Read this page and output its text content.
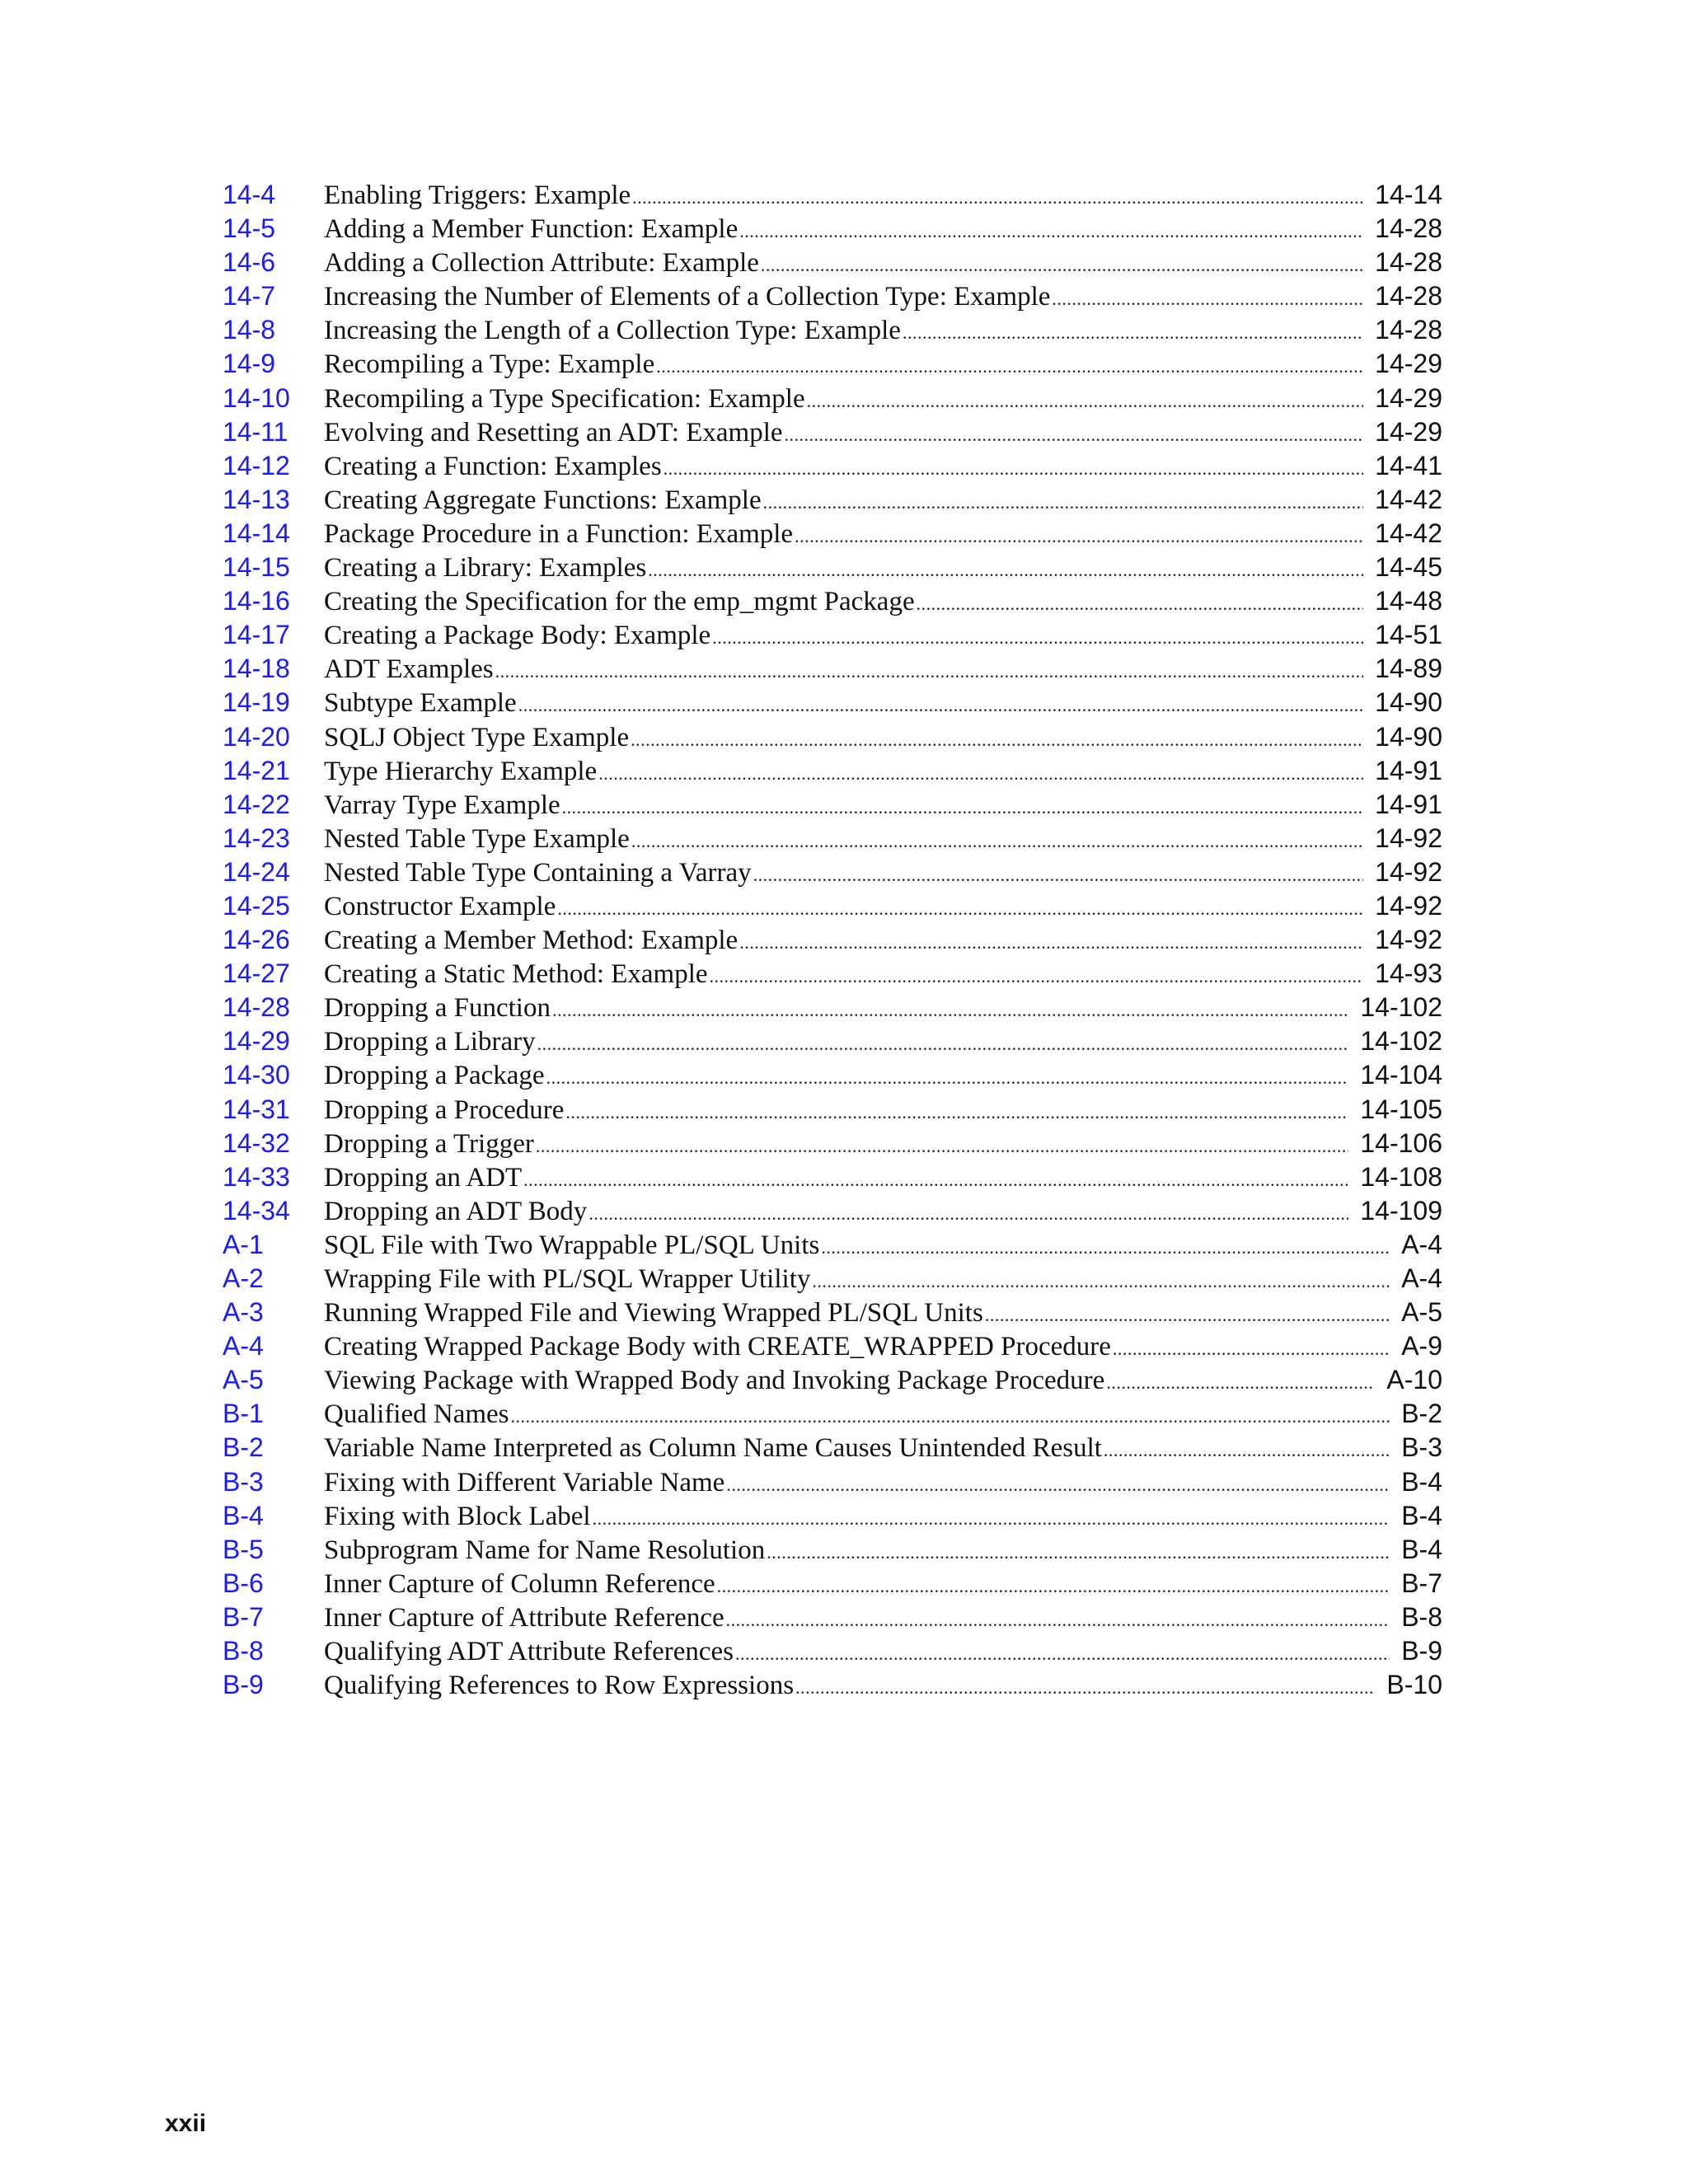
14-4 Enabling Triggers: Example .....	14-14
14-5 Adding a Member Function: Example .....	14-28
14-6 Adding a Collection Attribute: Example .....	14-28
14-7 Increasing the Number of Elements of a Collection Type: Example .....	14-28
14-8 Increasing the Length of a Collection Type: Example .....	14-28
14-9 Recompiling a Type: Example .....	14-29
14-10 Recompiling a Type Specification: Example .....	14-29
14-11 Evolving and Resetting an ADT: Example .....	14-29
14-12 Creating a Function: Examples .....	14-41
14-13 Creating Aggregate Functions: Example .....	14-42
14-14 Package Procedure in a Function: Example .....	14-42
14-15 Creating a Library: Examples .....	14-45
14-16 Creating the Specification for the emp_mgmt Package .....	14-48
14-17 Creating a Package Body: Example .....	14-51
14-18 ADT Examples .....	14-89
14-19 Subtype Example .....	14-90
14-20 SQLJ Object Type Example .....	14-90
14-21 Type Hierarchy Example .....	14-91
14-22 Varray Type Example .....	14-91
14-23 Nested Table Type Example .....	14-92
14-24 Nested Table Type Containing a Varray .....	14-92
14-25 Constructor Example .....	14-92
14-26 Creating a Member Method: Example .....	14-92
14-27 Creating a Static Method: Example .....	14-93
14-28 Dropping a Function .....	14-102
14-29 Dropping a Library .....	14-102
14-30 Dropping a Package .....	14-104
14-31 Dropping a Procedure .....	14-105
14-32 Dropping a Trigger .....	14-106
14-33 Dropping an ADT .....	14-108
14-34 Dropping an ADT Body .....	14-109
A-1 SQL File with Two Wrappable PL/SQL Units .....	A-4
A-2 Wrapping File with PL/SQL Wrapper Utility .....	A-4
A-3 Running Wrapped File and Viewing Wrapped PL/SQL Units .....	A-5
A-4 Creating Wrapped Package Body with CREATE_WRAPPED Procedure .....	A-9
A-5 Viewing Package with Wrapped Body and Invoking Package Procedure .....	A-10
B-1 Qualified Names .....	B-2
B-2 Variable Name Interpreted as Column Name Causes Unintended Result .....	B-3
B-3 Fixing with Different Variable Name .....	B-4
B-4 Fixing with Block Label .....	B-4
B-5 Subprogram Name for Name Resolution .....	B-4
B-6 Inner Capture of Column Reference .....	B-7
B-7 Inner Capture of Attribute Reference .....	B-8
B-8 Qualifying ADT Attribute References .....	B-9
B-9 Qualifying References to Row Expressions .....	B-10
xxii
